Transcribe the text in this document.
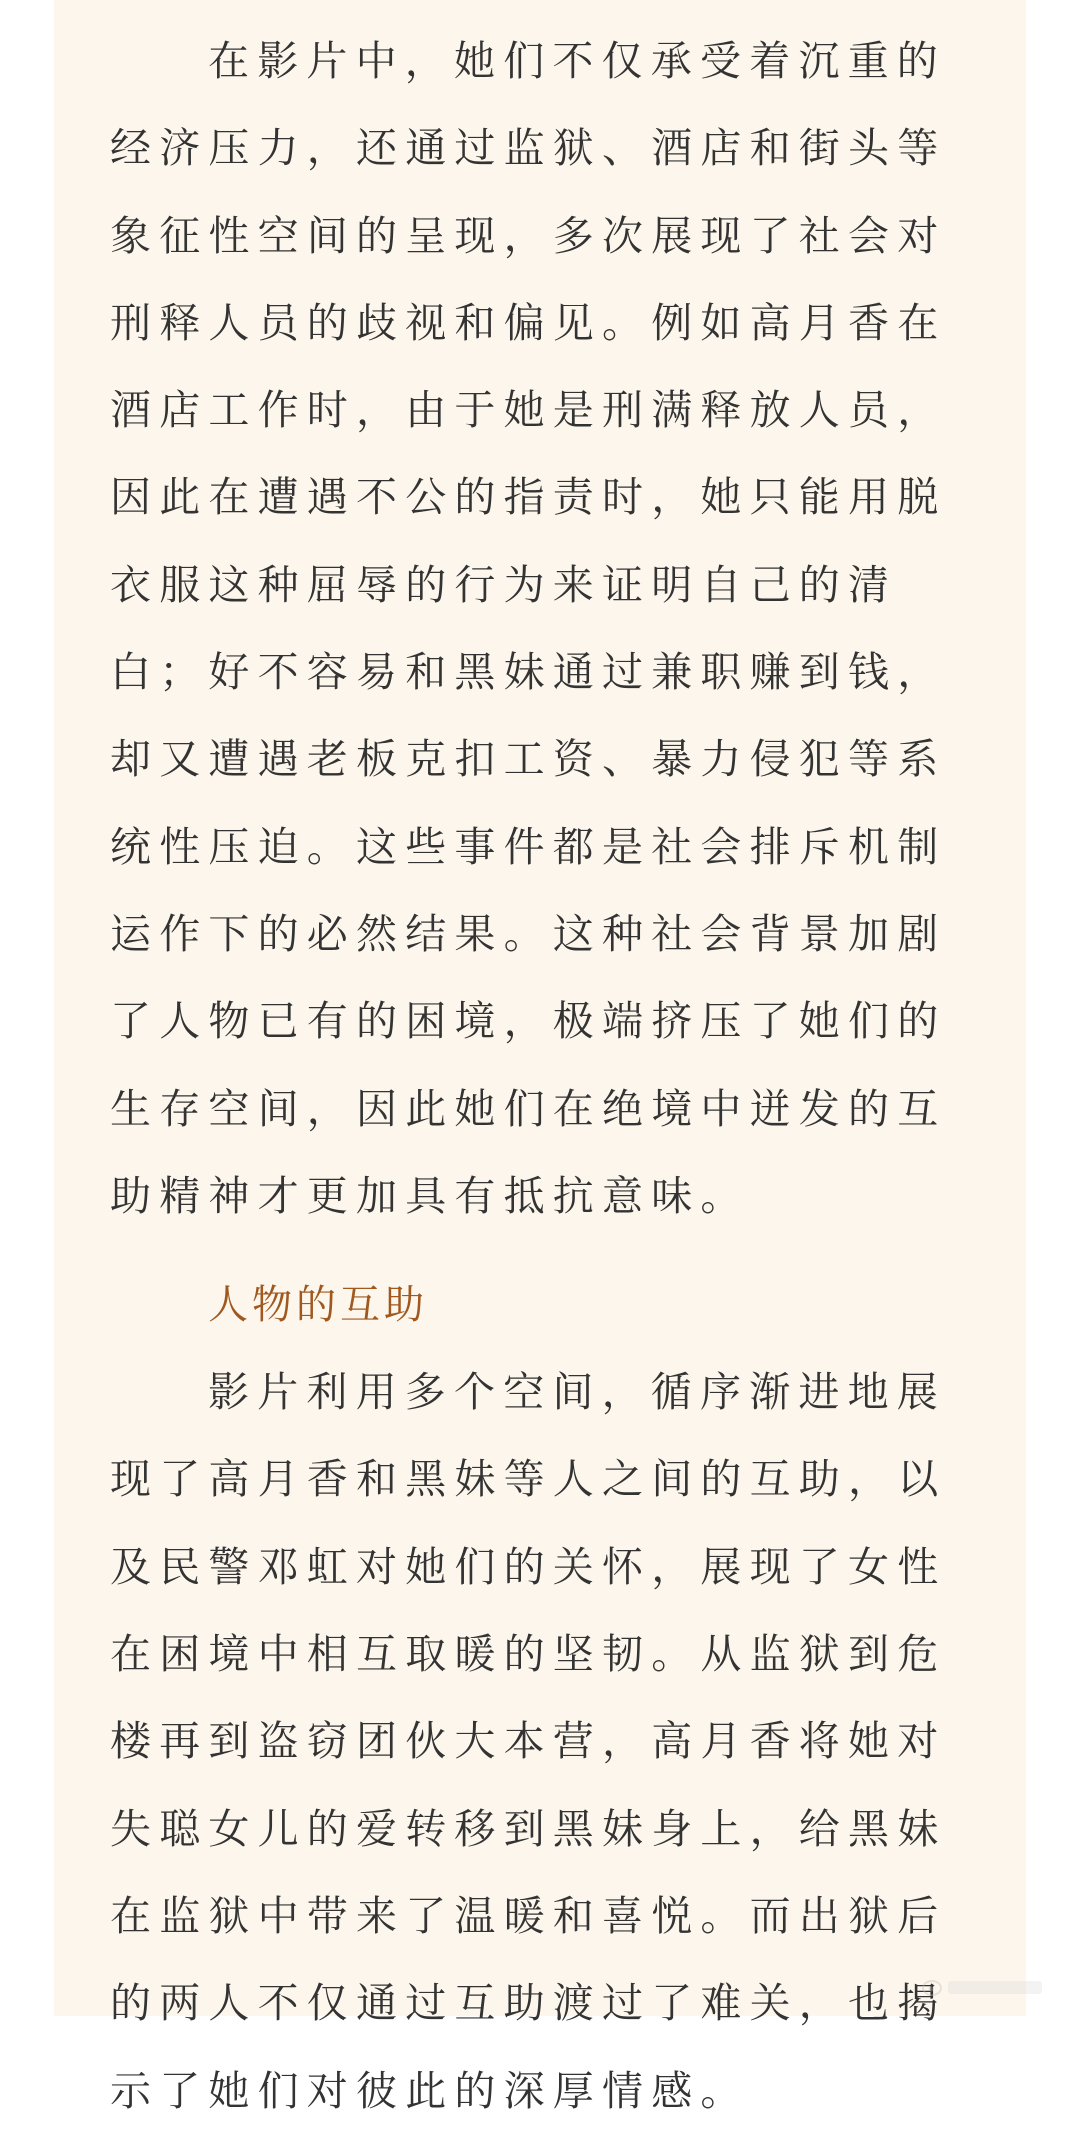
在影片中，她们不仅承受着沉重的经济压力，还通过监狱、酒店和街头等象征性空间的呈现，多次展现了社会对刑释人员的歧视和偏见。例如高月香在酒店工作时，由于她是刑满释放人员，因此在遭遇不公的指责时，她只能用脱衣服这种屈辱的行为来证明自己的清白；好不容易和黑妹通过兼职赚到钱，却又遭遇老板克扣工资、暴力侵犯等系统性压迫。这些事件都是社会排斥机制运作下的必然结果。这种社会背景加剧了人物已有的困境，极端挤压了她们的生存空间，因此她们在绝境中迸发的互助精神才更加具有抵抗意味。

人物的互助

影片利用多个空间，循序渐进地展现了高月香和黑妹等人之间的互助，以及民警邓虹对她们的关怀，展现了女性在困境中相互取暖的坚韧。从监狱到危楼再到盗窃团伙大本营，高月香将她对失聪女儿的爱转移到黑妹身上，给黑妹在监狱中带来了温暖和喜悦。而出狱后的两人不仅通过互助渡过了难关，也揭示了她们对彼此的深厚情感。
